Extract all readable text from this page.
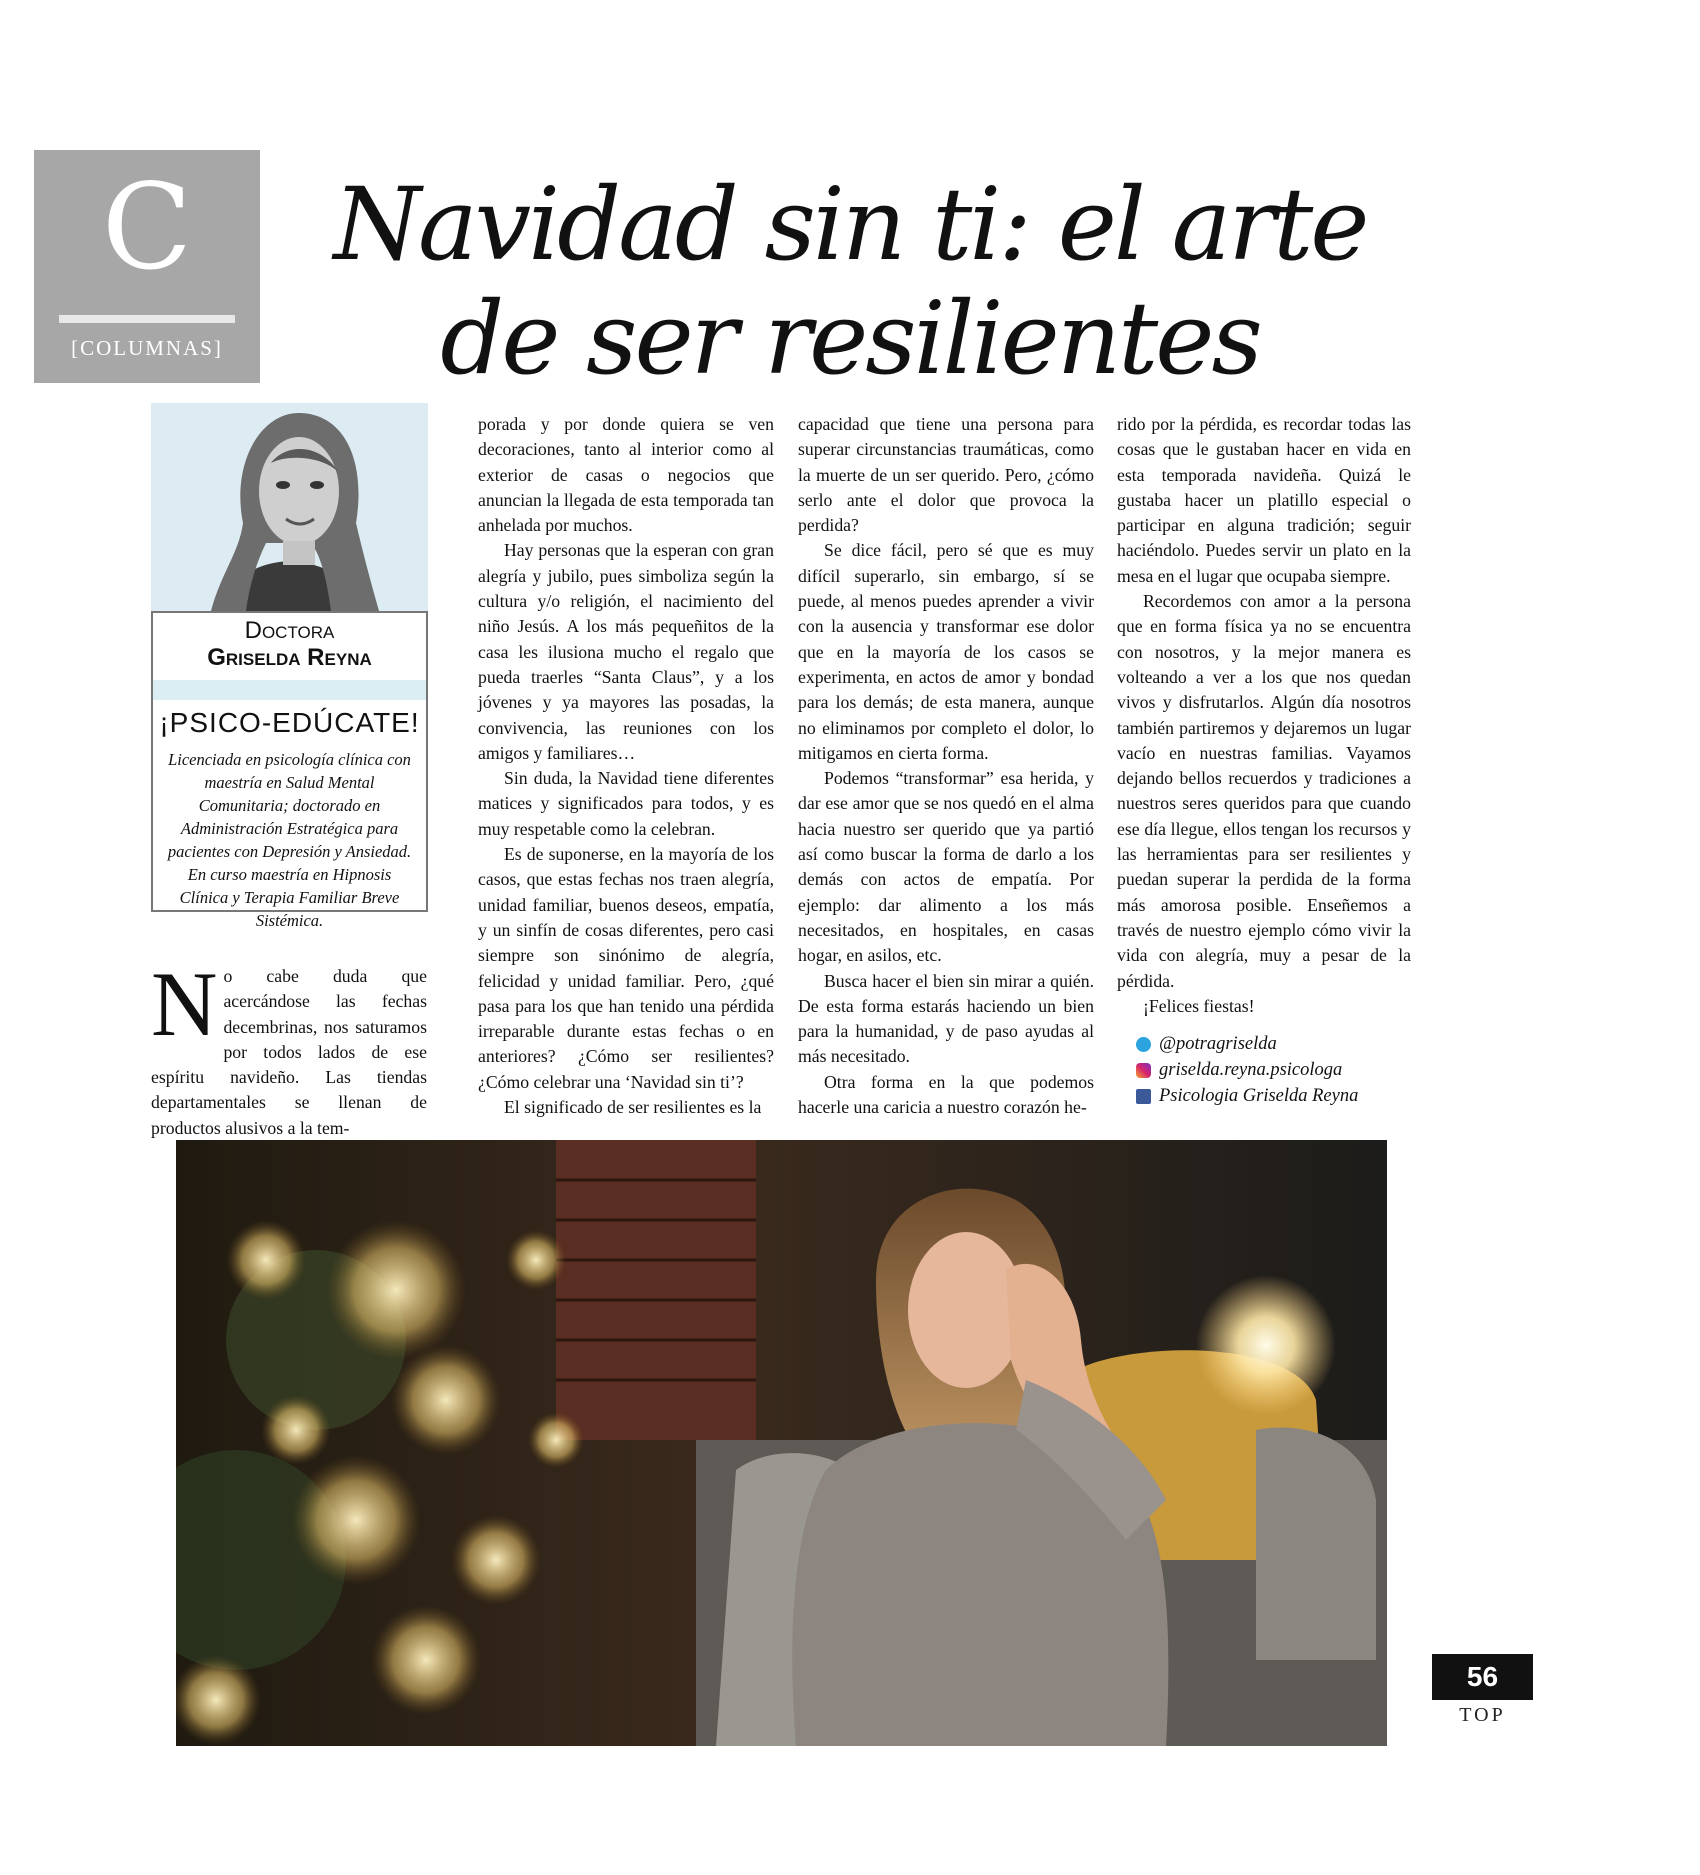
C
[COLUMNAS]
Navidad sin ti: el arte
de ser resilientes
Doctora
Griselda Reyna
¡PSICO-EDÚCATE!
Licenciada en psicología clínica con maestría en Salud Mental Comunitaria; doctorado en Administración Estratégica para pacientes con Depresión y Ansiedad. En curso maestría en Hipnosis Clínica y Terapia Familiar Breve Sistémica.

No cabe duda que acercándose las fechas decembrinas, nos saturamos por todos lados de ese espíritu navideño. Las tiendas departamentales se llenan de productos alusivos a la tem-

porada y por donde quiera se ven decoraciones, tanto al interior como al exterior de casas o negocios que anuncian la llegada de esta temporada tan anhelada por muchos.

Hay personas que la esperan con gran alegría y jubilo, pues simboliza según la cultura y/o religión, el nacimiento del niño Jesús. A los más pequeñitos de la casa les ilusiona mucho el regalo que pueda traerles “Santa Claus”, y a los jóvenes y ya mayores las posadas, la convivencia, las reuniones con los amigos y familiares…

Sin duda, la Navidad tiene diferentes matices y significados para todos, y es muy respetable como la celebran.

Es de suponerse, en la mayoría de los casos, que estas fechas nos traen alegría, unidad familiar, buenos deseos, empatía, y un sinfín de cosas diferentes, pero casi siempre son sinónimo de alegría, felicidad y unidad familiar. Pero, ¿qué pasa para los que han tenido una pérdida irreparable durante estas fechas o en anteriores? ¿Cómo ser resilientes? ¿Cómo celebrar una ‘Navidad sin ti’?

El significado de ser resilientes es la

capacidad que tiene una persona para superar circunstancias traumáticas, como la muerte de un ser querido. Pero, ¿cómo serlo ante el dolor que provoca la perdida?

Se dice fácil, pero sé que es muy difícil superarlo, sin embargo, sí se puede, al menos puedes aprender a vivir con la ausencia y transformar ese dolor que en la mayoría de los casos se experimenta, en actos de amor y bondad para los demás; de esta manera, aunque no eliminamos por completo el dolor, lo mitigamos en cierta forma.

Podemos “transformar” esa herida, y dar ese amor que se nos quedó en el alma hacia nuestro ser querido que ya partió así como buscar la forma de darlo a los demás con actos de empatía. Por ejemplo: dar alimento a los más necesitados, en hospitales, en casas hogar, en asilos, etc.

Busca hacer el bien sin mirar a quién. De esta forma estarás haciendo un bien para la humanidad, y de paso ayudas al más necesitado.

Otra forma en la que podemos hacerle una caricia a nuestro corazón he-

rido por la pérdida, es recordar todas las cosas que le gustaban hacer en vida en esta temporada navideña. Quizá le gustaba hacer un platillo especial o participar en alguna tradición; seguir haciéndolo. Puedes servir un plato en la mesa en el lugar que ocupaba siempre.

Recordemos con amor a la persona que en forma física ya no se encuentra con nosotros, y la mejor manera es volteando a ver a los que nos quedan vivos y disfrutarlos. Algún día nosotros también partiremos y dejaremos un lugar vacío en nuestras familias. Vayamos dejando bellos recuerdos y tradiciones a nuestros seres queridos para que cuando ese día llegue, ellos tengan los recursos y las herramientas para ser resilientes y puedan superar la perdida de la forma más amorosa posible. Enseñemos a través de nuestro ejemplo cómo vivir la vida con alegría, muy a pesar de la pérdida.

¡Felices fiestas!

@potragriselda
griselda.reyna.psicologa
Psicologia Griselda Reyna
56
TOP
